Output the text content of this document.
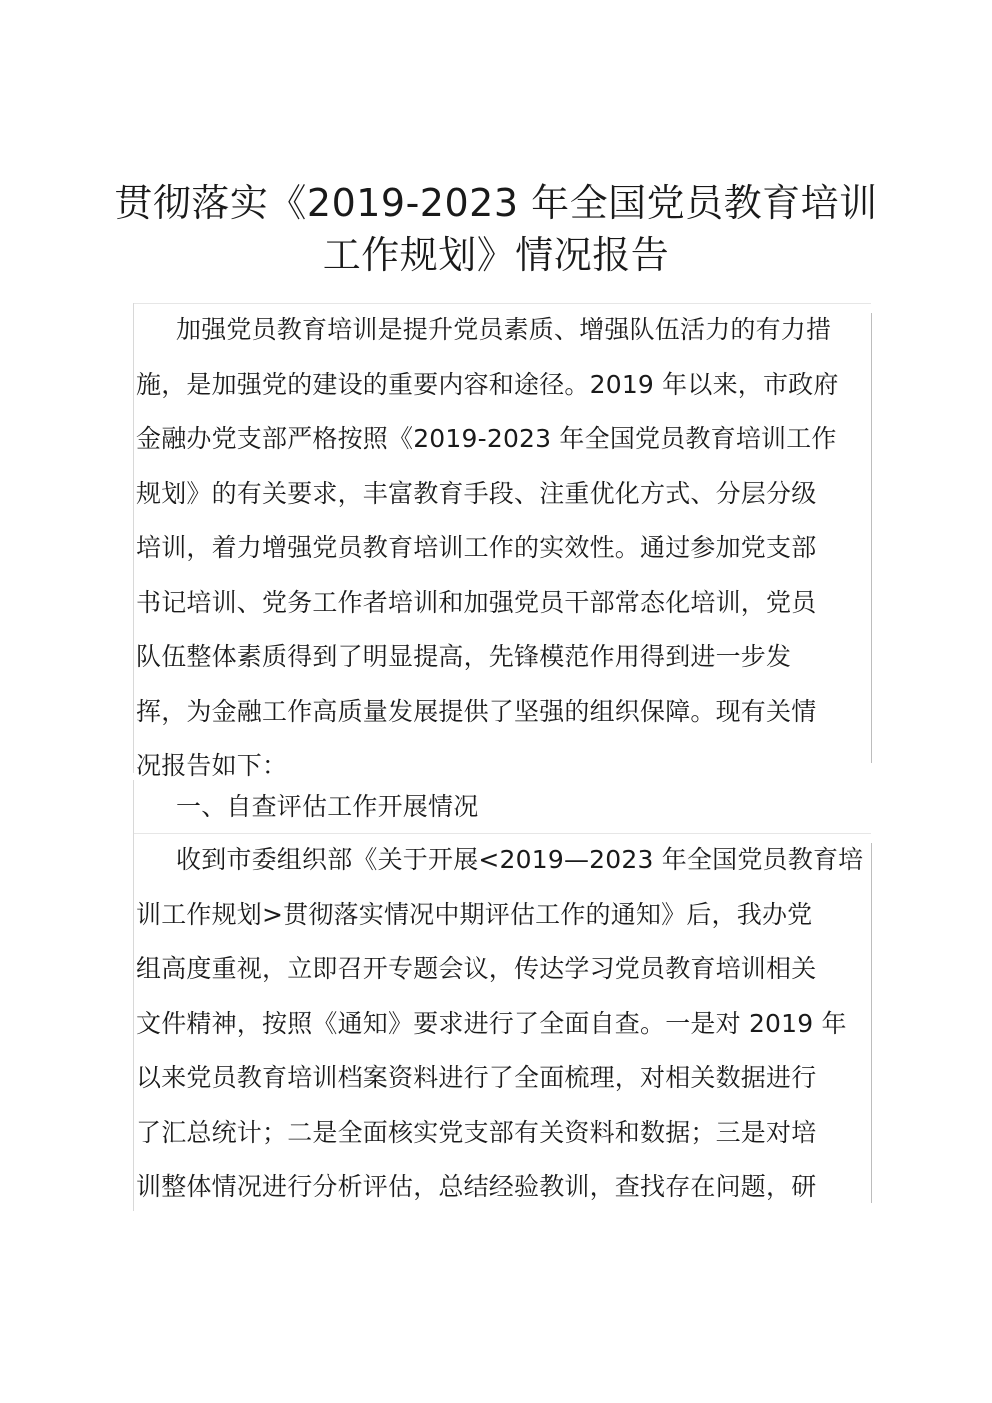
贯彻落实《2019-2023 年全国党员教育培训
工作规划》情况报告
加强党员教育培训是提升党员素质、增强队伍活力的有力措
施，是加强党的建设的重要内容和途径。2019 年以来，市政府
金融办党支部严格按照《2019-2023 年全国党员教育培训工作
规划》的有关要求，丰富教育手段、注重优化方式、分层分级
培训，着力增强党员教育培训工作的实效性。通过参加党支部
书记培训、党务工作者培训和加强党员干部常态化培训，党员
队伍整体素质得到了明显提高，先锋模范作用得到进一步发
挥，为金融工作高质量发展提供了坚强的组织保障。现有关情
况报告如下：
一、自查评估工作开展情况
收到市委组织部《关于开展<2019—2023 年全国党员教育培
训工作规划>贯彻落实情况中期评估工作的通知》后，我办党
组高度重视，立即召开专题会议，传达学习党员教育培训相关
文件精神，按照《通知》要求进行了全面自查。一是对 2019 年
以来党员教育培训档案资料进行了全面梳理，对相关数据进行
了汇总统计；二是全面核实党支部有关资料和数据；三是对培
训整体情况进行分析评估，总结经验教训，查找存在问题，研
